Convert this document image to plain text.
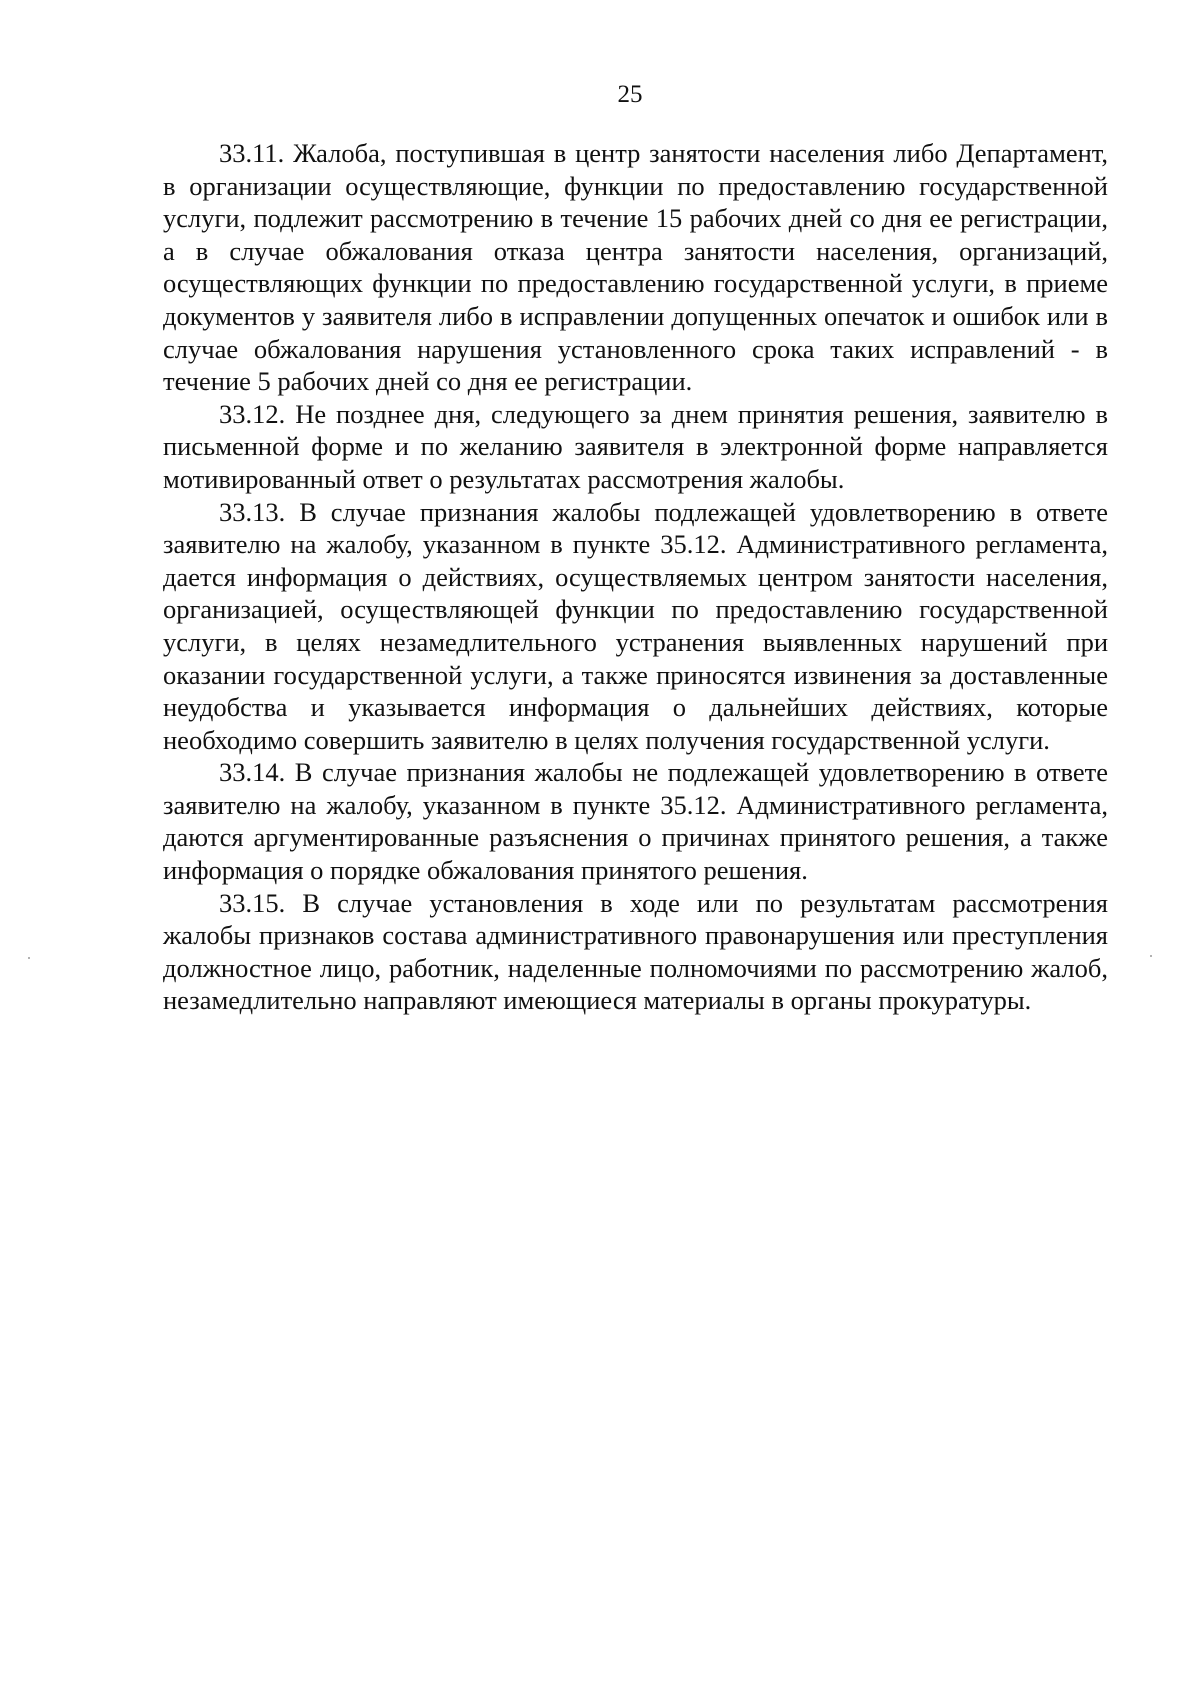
25

33.11. Жалоба, поступившая в центр занятости населения либо Департамент, в организации осуществляющие, функции по предоставлению государственной услуги, подлежит рассмотрению в течение 15 рабочих дней со дня ее регистрации, а в случае обжалования отказа центра занятости населения, организаций, осуществляющих функции по предоставлению государственной услуги, в приеме документов у заявителя либо в исправлении допущенных опечаток и ошибок или в случае обжалования нарушения установленного срока таких исправлений - в течение 5 рабочих дней со дня ее регистрации.

33.12. Не позднее дня, следующего за днем принятия решения, заявителю в письменной форме и по желанию заявителя в электронной форме направляется мотивированный ответ о результатах рассмотрения жалобы.

33.13. В случае признания жалобы подлежащей удовлетворению в ответе заявителю на жалобу, указанном в пункте 35.12. Административного регламента, дается информация о действиях, осуществляемых центром занятости населения, организацией, осуществляющей функции по предоставлению государственной услуги, в целях незамедлительного устранения выявленных нарушений при оказании государственной услуги, а также приносятся извинения за доставленные неудобства и указывается информация о дальнейших действиях, которые необходимо совершить заявителю в целях получения государственной услуги.

33.14. В случае признания жалобы не подлежащей удовлетворению в ответе заявителю на жалобу, указанном в пункте 35.12. Административного регламента, даются аргументированные разъяснения о причинах принятого решения, а также информация о порядке обжалования принятого решения.

33.15. В случае установления в ходе или по результатам рассмотрения жалобы признаков состава административного правонарушения или преступления должностное лицо, работник, наделенные полномочиями по рассмотрению жалоб, незамедлительно направляют имеющиеся материалы в органы прокуратуры.
